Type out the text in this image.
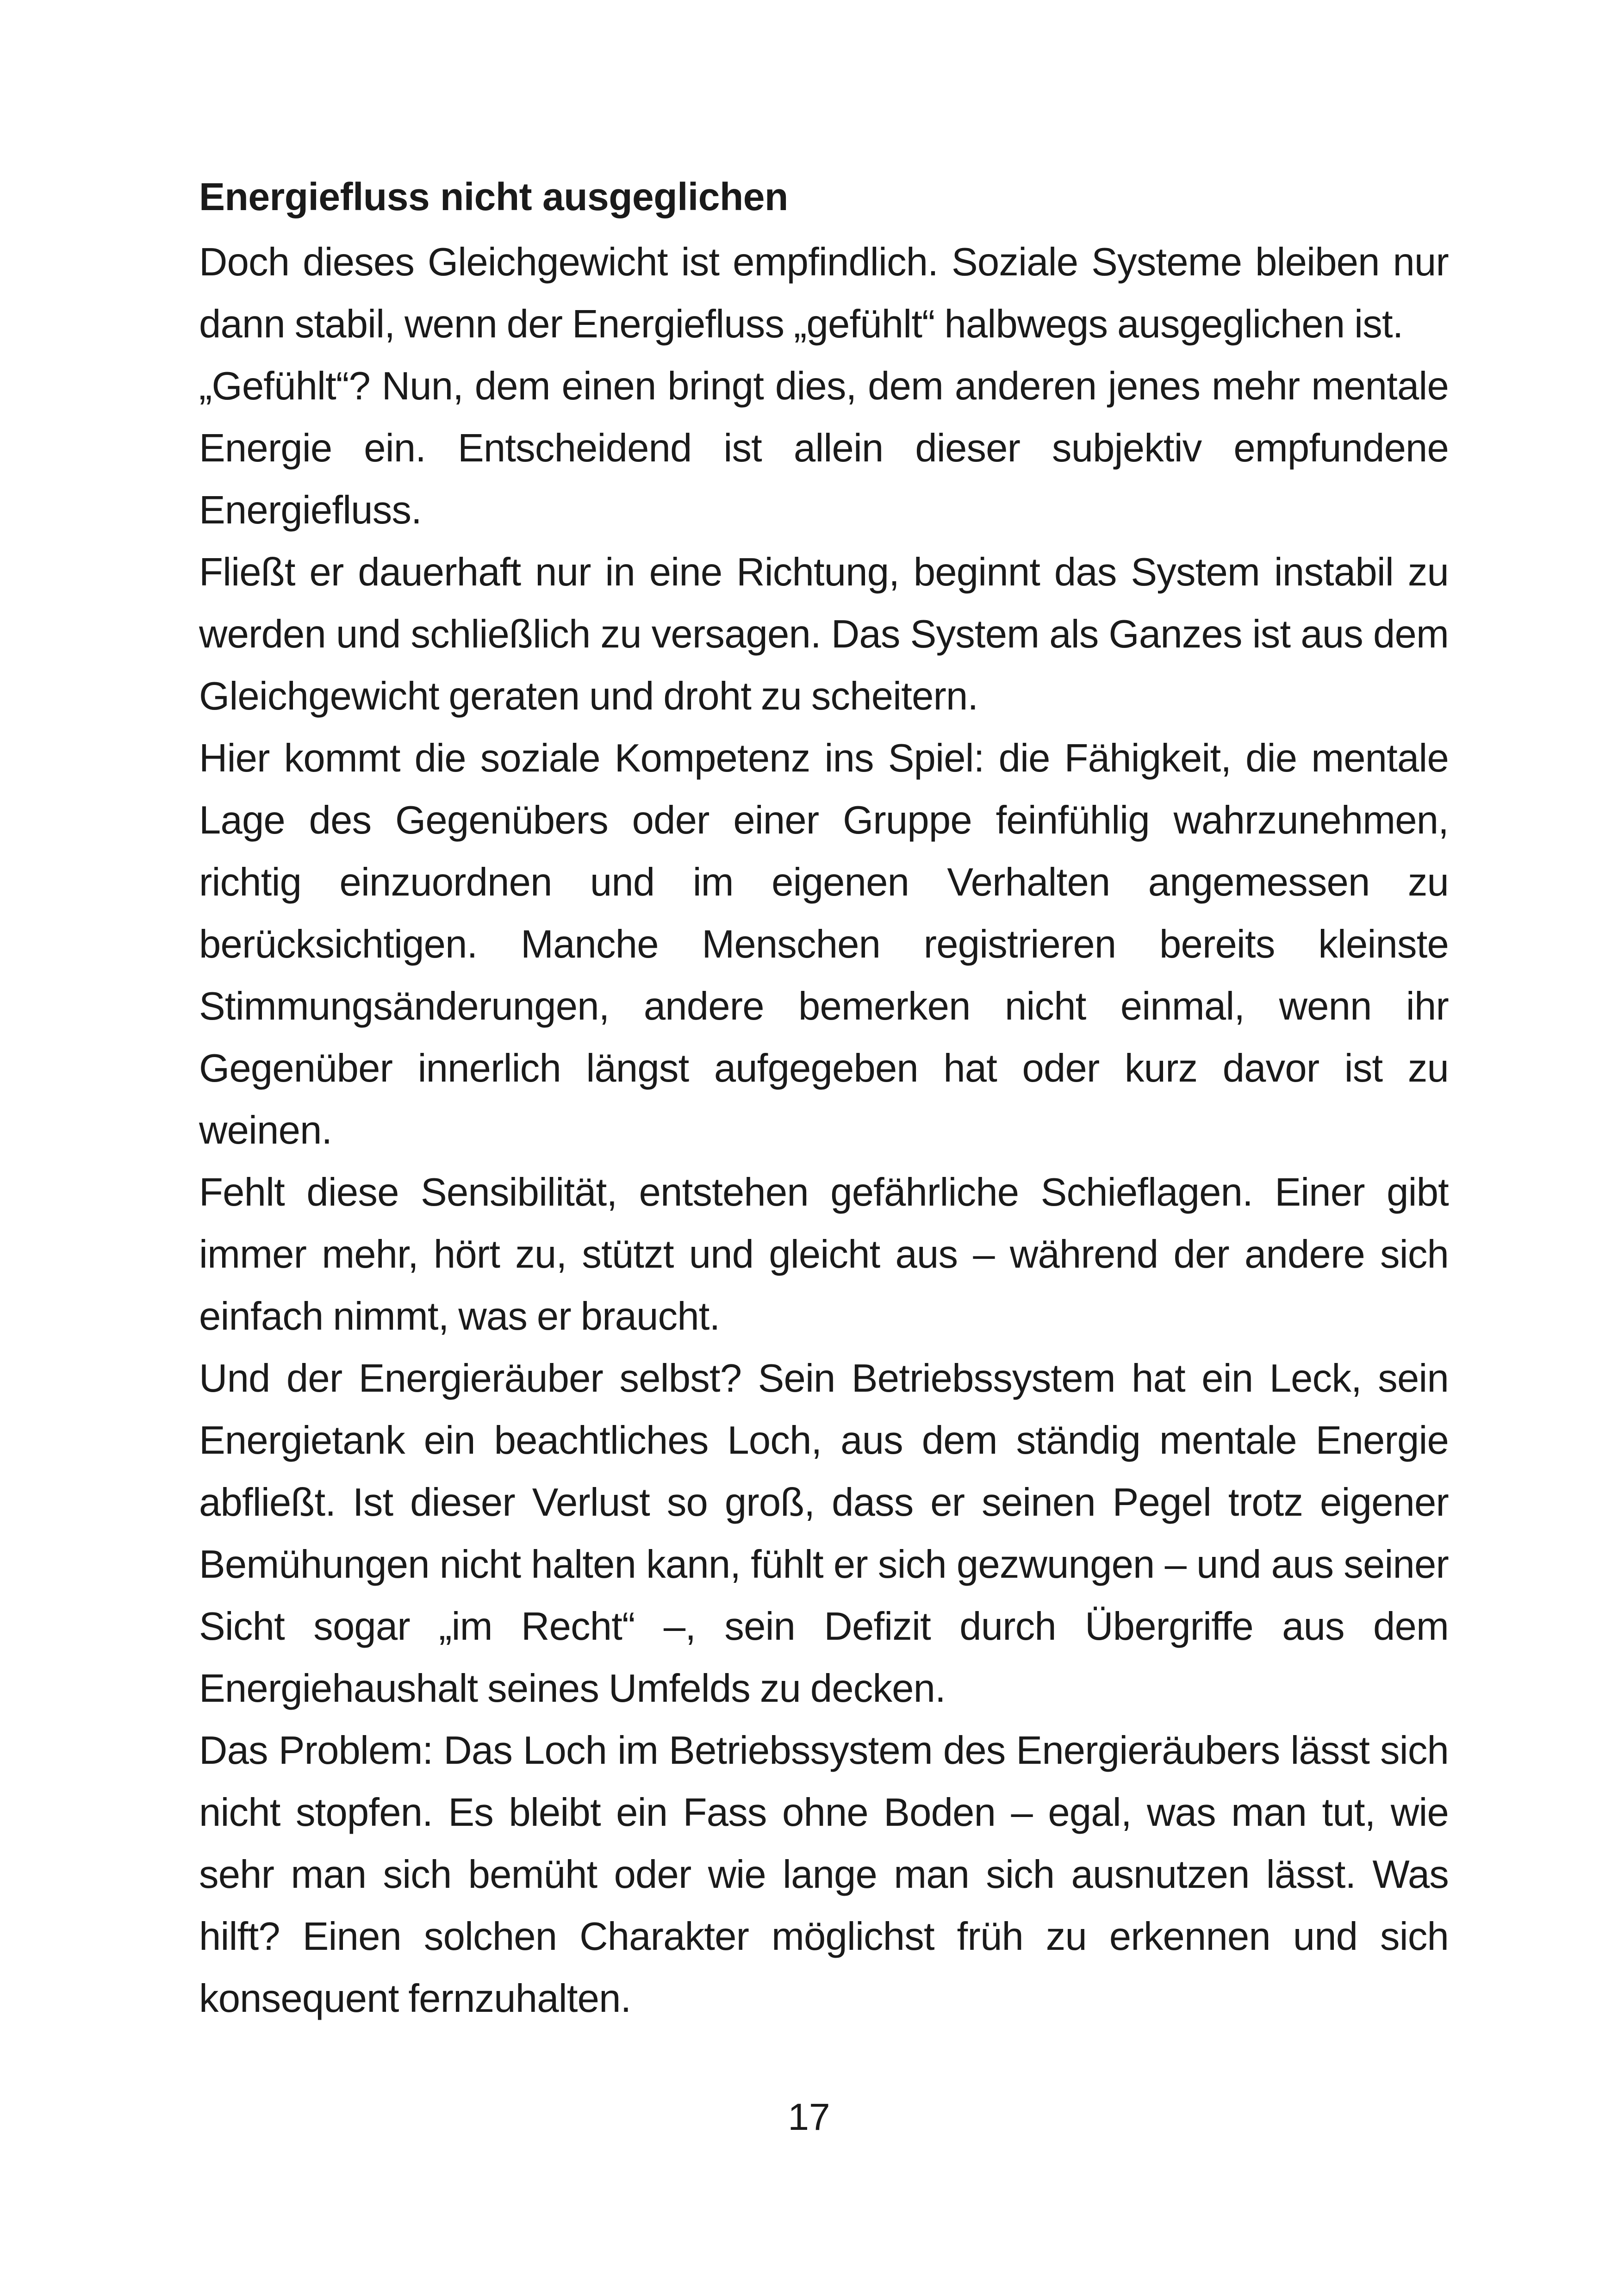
Energiefluss nicht ausgeglichen

Doch dieses Gleichgewicht ist empfindlich. Soziale Systeme bleiben nur dann stabil, wenn der Energiefluss „gefühlt“ halbwegs ausgeglichen ist.

„Gefühlt“? Nun, dem einen bringt dies, dem anderen jenes mehr mentale Energie ein. Entscheidend ist allein dieser subjektiv empfundene Energiefluss.

Fließt er dauerhaft nur in eine Richtung, beginnt das System instabil zu werden und schließlich zu versagen. Das System als Ganzes ist aus dem Gleichgewicht geraten und droht zu scheitern.

Hier kommt die soziale Kompetenz ins Spiel: die Fähigkeit, die mentale Lage des Gegenübers oder einer Gruppe feinfühlig wahrzunehmen, richtig einzuordnen und im eigenen Verhalten angemessen zu berücksichtigen. Manche Menschen registrieren bereits kleinste Stimmungsänderungen, andere bemerken nicht einmal, wenn ihr Gegenüber innerlich längst aufgegeben hat oder kurz davor ist zu weinen.

Fehlt diese Sensibilität, entstehen gefährliche Schieflagen. Einer gibt immer mehr, hört zu, stützt und gleicht aus – während der andere sich einfach nimmt, was er braucht.

Und der Energieräuber selbst? Sein Betriebssystem hat ein Leck, sein Energietank ein beachtliches Loch, aus dem ständig mentale Energie abfließt. Ist dieser Verlust so groß, dass er seinen Pegel trotz eigener Bemühungen nicht halten kann, fühlt er sich gezwungen – und aus seiner Sicht sogar „im Recht“ –, sein Defizit durch Übergriffe aus dem Energiehaushalt seines Umfelds zu decken.

Das Problem: Das Loch im Betriebssystem des Energieräubers lässt sich nicht stopfen. Es bleibt ein Fass ohne Boden – egal, was man tut, wie sehr man sich bemüht oder wie lange man sich ausnutzen lässt. Was hilft? Einen solchen Charakter möglichst früh zu erkennen und sich konsequent fernzuhalten.

17
